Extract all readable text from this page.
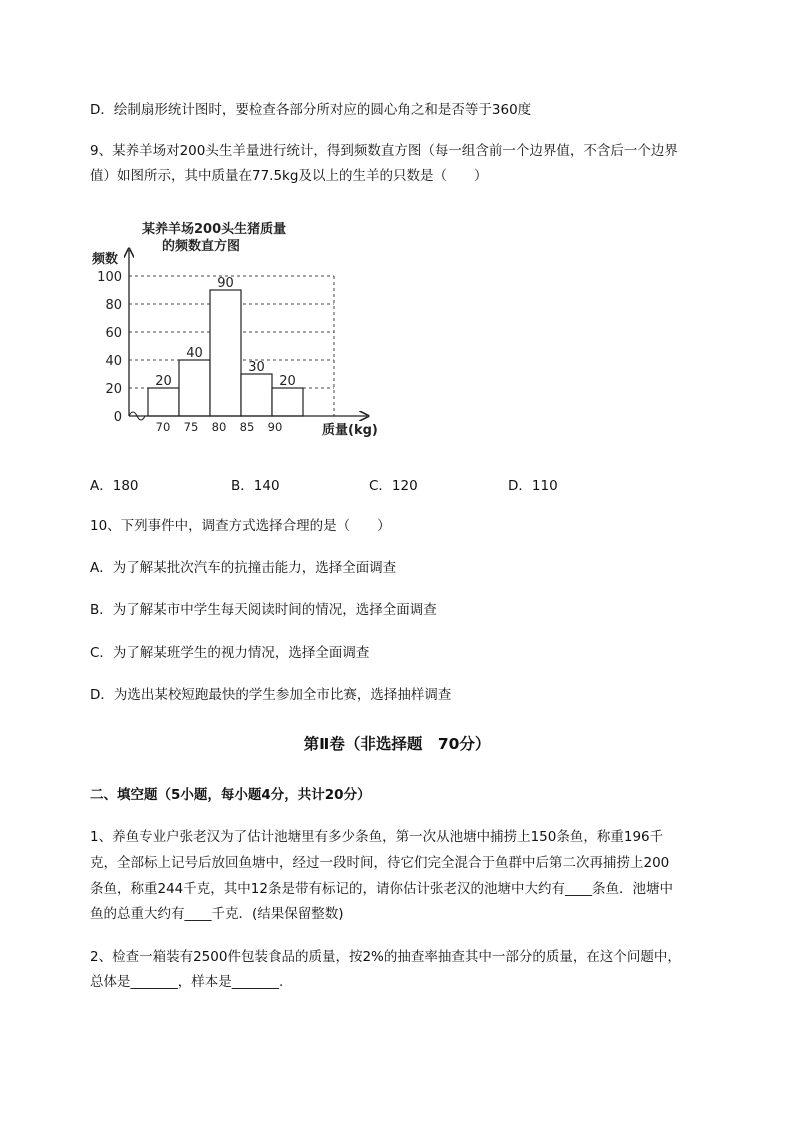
D．绘制扇形统计图时，要检查各部分所对应的圆心角之和是否等于360度
9、某养羊场对200头生羊量进行统计，得到频数直方图（每一组含前一个边界值，不含后一个边界
值）如图所示，其中质量在77.5kg及以上的生羊的只数是（　　）
某养羊场200头生猪质量
的频数直方图
频数
质量(kg)
20
40
90
30
20
0
20
40
60
80
100
70 75 80 85 90
A．180	B．140	C．120	D．110
10、下列事件中，调查方式选择合理的是（　　）
A．为了解某批次汽车的抗撞击能力，选择全面调查
B．为了解某市中学生每天阅读时间的情况，选择全面调查
C．为了解某班学生的视力情况，选择全面调查
D．为选出某校短跑最快的学生参加全市比赛，选择抽样调查
第Ⅱ卷（非选择题　70分）
二、填空题（5小题，每小题4分，共计20分）
1、养鱼专业户张老汉为了估计池塘里有多少条鱼，第一次从池塘中捕捞上150条鱼，称重196千
克，全部标上记号后放回鱼塘中，经过一段时间，待它们完全混合于鱼群中后第二次再捕捞上200
条鱼，称重244千克，其中12条是带有标记的，请你估计张老汉的池塘中大约有____条鱼．池塘中
鱼的总重大约有____千克．(结果保留整数)
2、检查一箱装有2500件包装食品的质量，按2%的抽查率抽查其中一部分的质量，在这个问题中，
总体是_______，样本是_______.
